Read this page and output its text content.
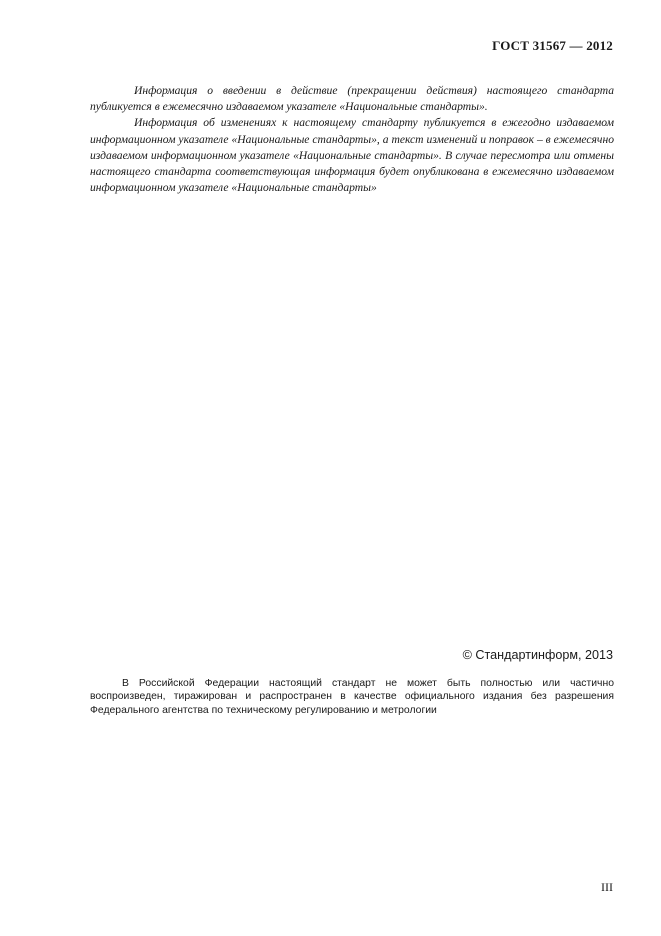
ГОСТ 31567 — 2012

Информация о введении в действие (прекращении действия) настоящего стандарта публикуется в ежемесячно издаваемом указателе «Национальные стандарты».

Информация об изменениях к настоящему стандарту публикуется в ежегодно издаваемом информационном указателе «Национальные стандарты», а текст изменений и поправок – в ежемесячно издаваемом информационном указателе «Национальные стандарты». В случае пересмотра или отмены настоящего стандарта соответствующая информация будет опубликована в ежемесячно издаваемом информационном указателе «Национальные стандарты»

© Стандартинформ, 2013

В Российской Федерации настоящий стандарт не может быть полностью или частично воспроизведен, тиражирован и распространен в качестве официального издания без разрешения Федерального агентства по техническому регулированию и метрологии

III
